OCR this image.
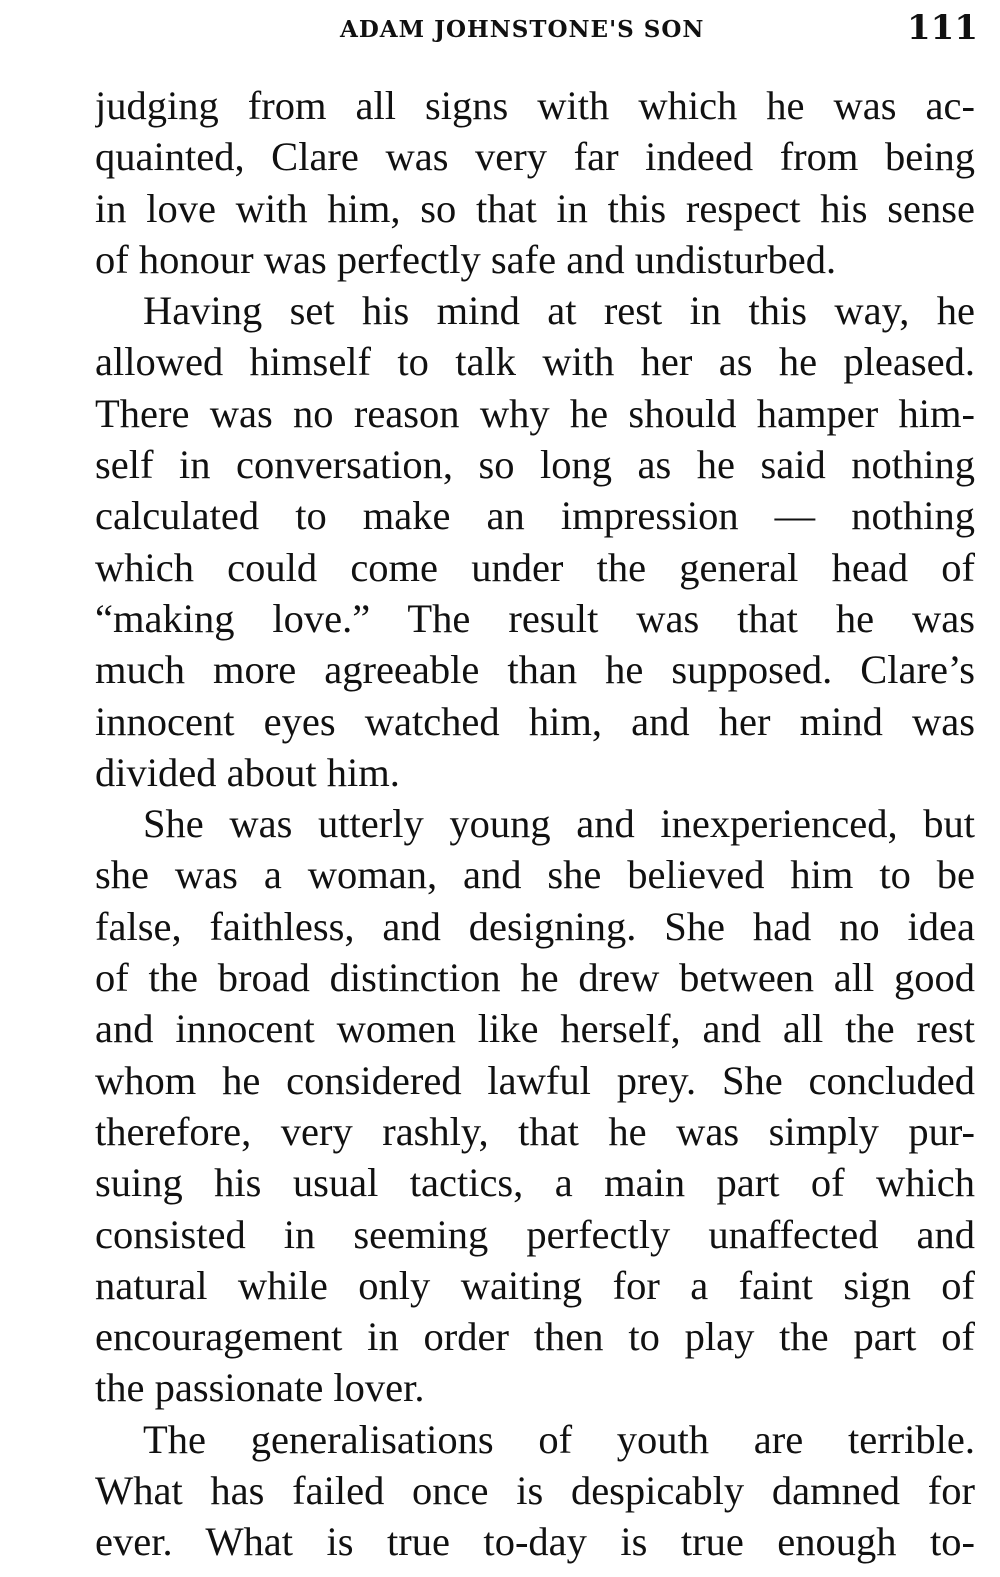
ADAM JOHNSTONE'S SON	111
judging from all signs with which he was ac-
quainted, Clare was very far indeed from being
in love with him, so that in this respect his sense
of honour was perfectly safe and undisturbed.
Having set his mind at rest in this way, he
allowed himself to talk with her as he pleased.
There was no reason why he should hamper him-
self in conversation, so long as he said nothing
calculated to make an impression — nothing
which could come under the general head of
“making love.” The result was that he was
much more agreeable than he supposed. Clare’s
innocent eyes watched him, and her mind was
divided about him.
She was utterly young and inexperienced, but
she was a woman, and she believed him to be
false, faithless, and designing. She had no idea
of the broad distinction he drew between all good
and innocent women like herself, and all the rest
whom he considered lawful prey. She concluded
therefore, very rashly, that he was simply pur-
suing his usual tactics, a main part of which
consisted in seeming perfectly unaffected and
natural while only waiting for a faint sign of
encouragement in order then to play the part of
the passionate lover.
The generalisations of youth are terrible.
What has failed once is despicably damned for
ever. What is true to-day is true enough to-
